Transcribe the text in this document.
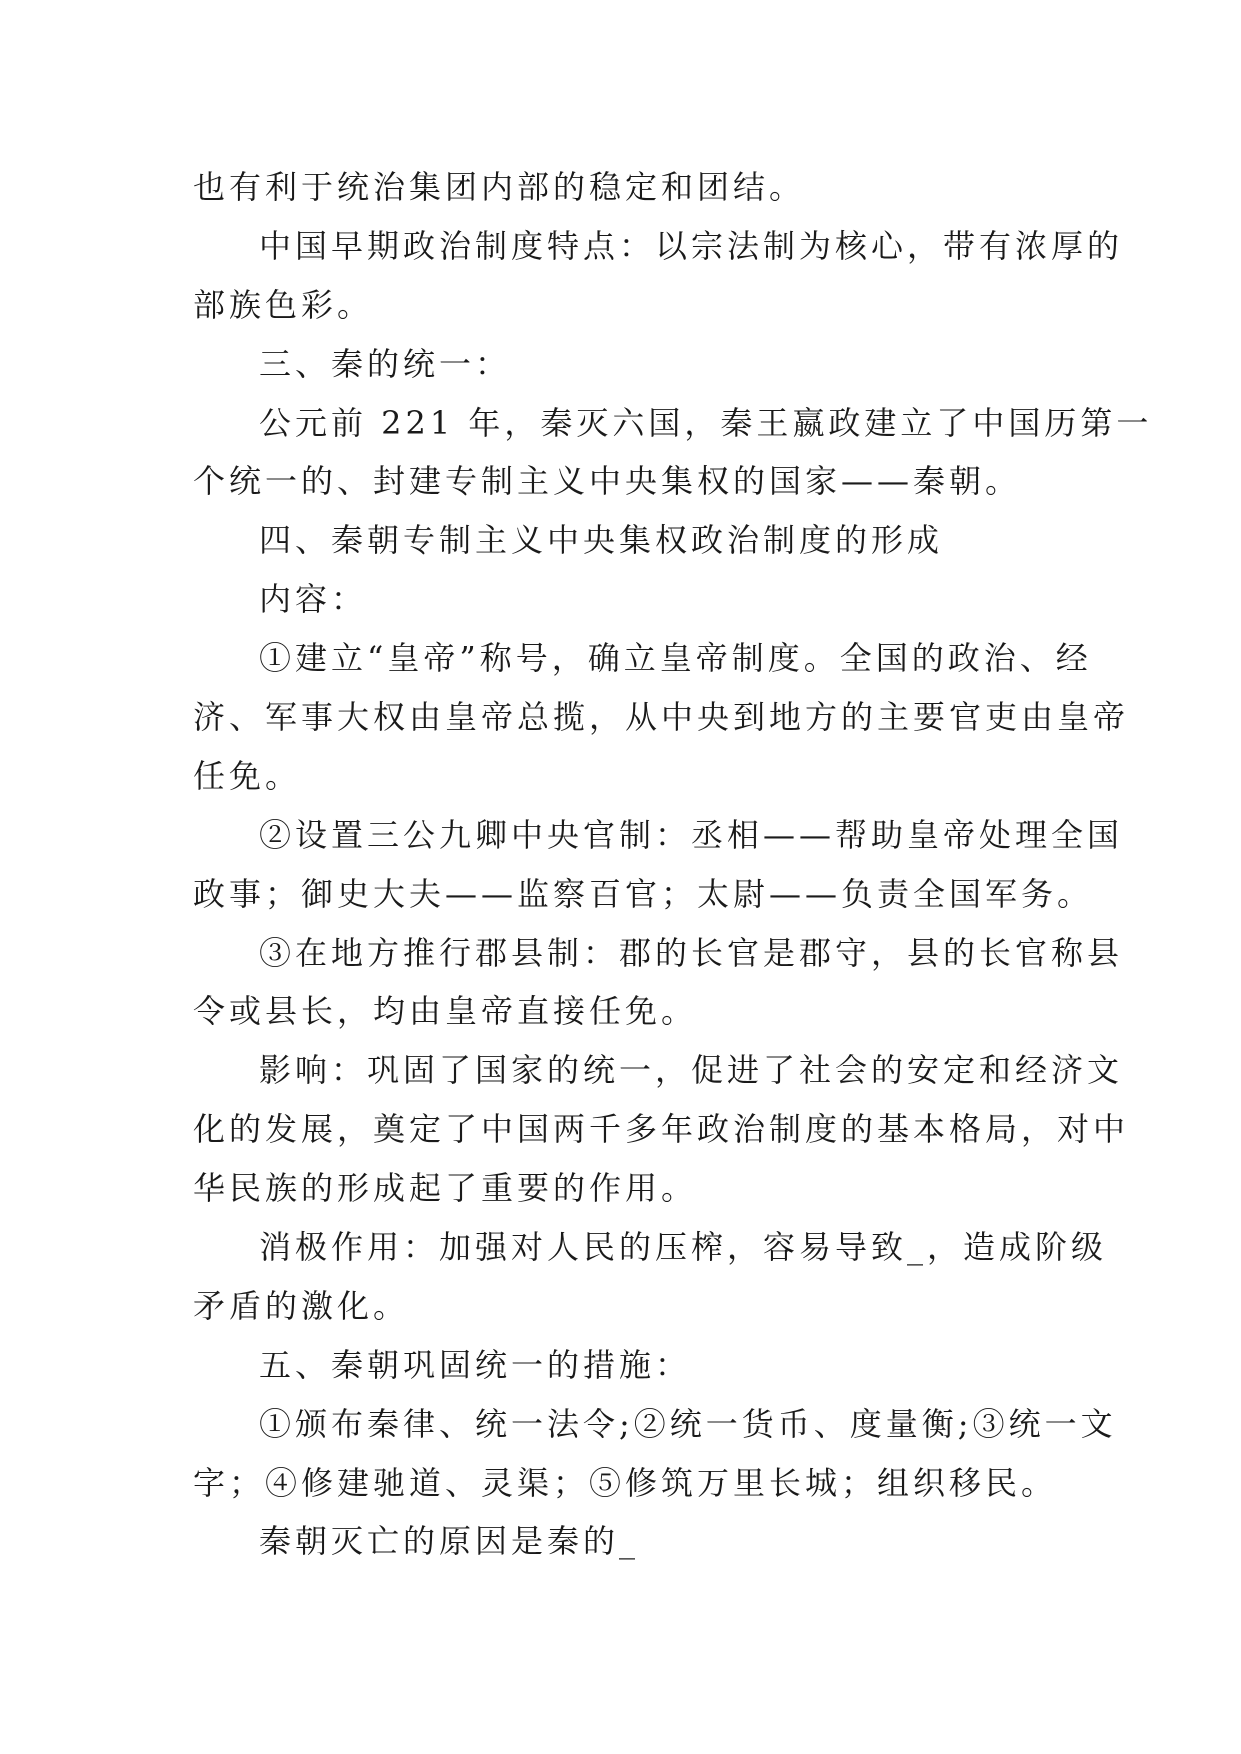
也有利于统治集团内部的稳定和团结。
中国早期政治制度特点：以宗法制为核心，带有浓厚的
部族色彩。
三、秦的统一：
公元前 221 年，秦灭六国，秦王嬴政建立了中国历第一
个统一的、封建专制主义中央集权的国家——秦朝。
四、秦朝专制主义中央集权政治制度的形成
内容：
①建立“皇帝”称号，确立皇帝制度。全国的政治、经
济、军事大权由皇帝总揽，从中央到地方的主要官吏由皇帝
任免。
②设置三公九卿中央官制：丞相——帮助皇帝处理全国
政事；御史大夫——监察百官；太尉——负责全国军务。
③在地方推行郡县制：郡的长官是郡守，县的长官称县
令或县长，均由皇帝直接任免。
影响：巩固了国家的统一，促进了社会的安定和经济文
化的发展，奠定了中国两千多年政治制度的基本格局，对中
华民族的形成起了重要的作用。
消极作用：加强对人民的压榨，容易导致_，造成阶级
矛盾的激化。
五、秦朝巩固统一的措施：
①颁布秦律、统一法令;②统一货币、度量衡;③统一文
字；④修建驰道、灵渠；⑤修筑万里长城；组织移民。
秦朝灭亡的原因是秦的_
